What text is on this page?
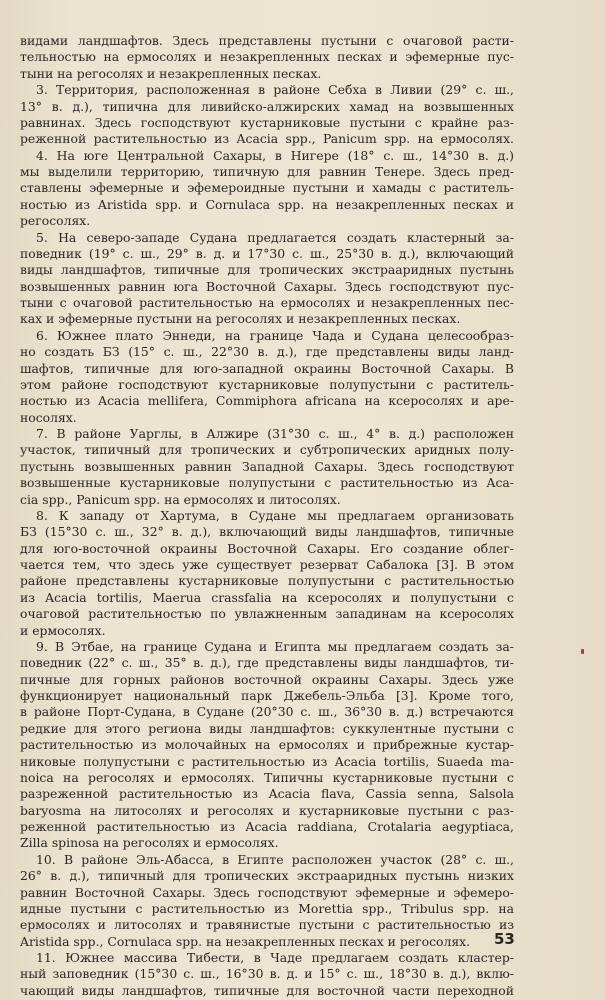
видами ландшафтов. Здесь представлены пустыни с очаговой расти-
тельностью на ермосолях и незакрепленных песках и эфемерные пус-
тыни на регосолях и незакрепленных песках.
3. Территория, расположенная в районе Себха в Ливии (29° с. ш.,
13° в. д.), типична для ливийско-алжирских хамад на возвышенных
равнинах. Здесь господствуют кустарниковые пустыни с крайне раз-
реженной растительностью из Acacia spp., Panicum spp. на ермосолях.
4. На юге Центральной Сахары, в Нигере (18° с. ш., 14°30 в. д.)
мы выделили территорию, типичную для равнин Тенере. Здесь пред-
ставлены эфемерные и эфемероидные пустыни и хамады с раститель-
ностью из Aristida spp. и Cornulaca spp. на незакрепленных песках и
регосолях.
5. На северо-западе Судана предлагается создать кластерный за-
поведник (19° с. ш., 29° в. д. и 17°30 с. ш., 25°30 в. д.), включающий
виды ландшафтов, типичные для тропических экстрааридных пустынь
возвышенных равнин юга Восточной Сахары. Здесь господствуют пус-
тыни с очаговой растительностью на ермосолях и незакрепленных пес-
ках и эфемерные пустыни на регосолях и незакрепленных песках.
6. Южнее плато Эннеди, на границе Чада и Судана целесообраз-
но создать БЗ (15° с. ш., 22°30 в. д.), где представлены виды ланд-
шафтов, типичные для юго-западной окраины Восточной Сахары. В
этом районе господствуют кустарниковые полупустыни с раститель-
ностью из Acacia mellifera, Commiphora africana на ксеросолях и аре-
носолях.
7. В районе Уарглы, в Алжире (31°30 с. ш., 4° в. д.) расположен
участок, типичный для тропических и субтропических аридных полу-
пустынь возвышенных равнин Западной Сахары. Здесь господствуют
возвышенные кустарниковые полупустыни с растительностью из Aca-
cia spp., Panicum spp. на ермосолях и литосолях.
8. К западу от Хартума, в Судане мы предлагаем организовать
БЗ (15°30 с. ш., 32° в. д.), включающий виды ландшафтов, типичные
для юго-восточной окраины Восточной Сахары. Его создание облег-
чается тем, что здесь уже существует резерват Сабалока [3]. В этом
районе представлены кустарниковые полупустыни с растительностью
из Acacia tortilis, Maerua crassfalia на ксеросолях и полупустыни с
очаговой растительностью по увлажненным западинам на ксеросолях
и ермосолях.
9. В Этбае, на границе Судана и Египта мы предлагаем создать за-
поведник (22° с. ш., 35° в. д.), где представлены виды ландшафтов, ти-
пичные для горных районов восточной окраины Сахары. Здесь уже
функционирует национальный парк Джебель-Эльба [3]. Кроме того,
в районе Порт-Судана, в Судане (20°30 с. ш., 36°30 в. д.) встречаются
редкие для этого региона виды ландшафтов: суккулентные пустыни с
растительностью из молочайных на ермосолях и прибрежные кустар-
никовые полупустыни с растительностью из Acacia tortilis, Suaeda ma-
noica на регосолях и ермосолях. Типичны кустарниковые пустыни с
разреженной растительностью из Acacia flava, Cassia senna, Salsola
baryosma на литосолях и регосолях и кустарниковые пустыни с раз-
реженной растительностью из Acacia raddiana, Crotalaria aegyptiaca,
Zilla spinosa на регосолях и ермосолях.
10. В районе Эль-Абасса, в Египте расположен участок (28° с. ш.,
26° в. д.), типичный для тропических экстрааридных пустынь низких
равнин Восточной Сахары. Здесь господствуют эфемерные и эфемеро-
идные пустыни с растительностью из Morettia spp., Tribulus spp. на
ермосолях и литосолях и травянистые пустыни с растительностью из
Aristida spp., Cornulaca spp. на незакрепленных песках и регосолях.
11. Южнее массива Тибести, в Чаде предлагаем создать кластер-
ный заповедник (15°30 с. ш., 16°30 в. д. и 15° с. ш., 18°30 в. д.), вклю-
чающий виды ландшафтов, типичные для восточной части переходной
53
